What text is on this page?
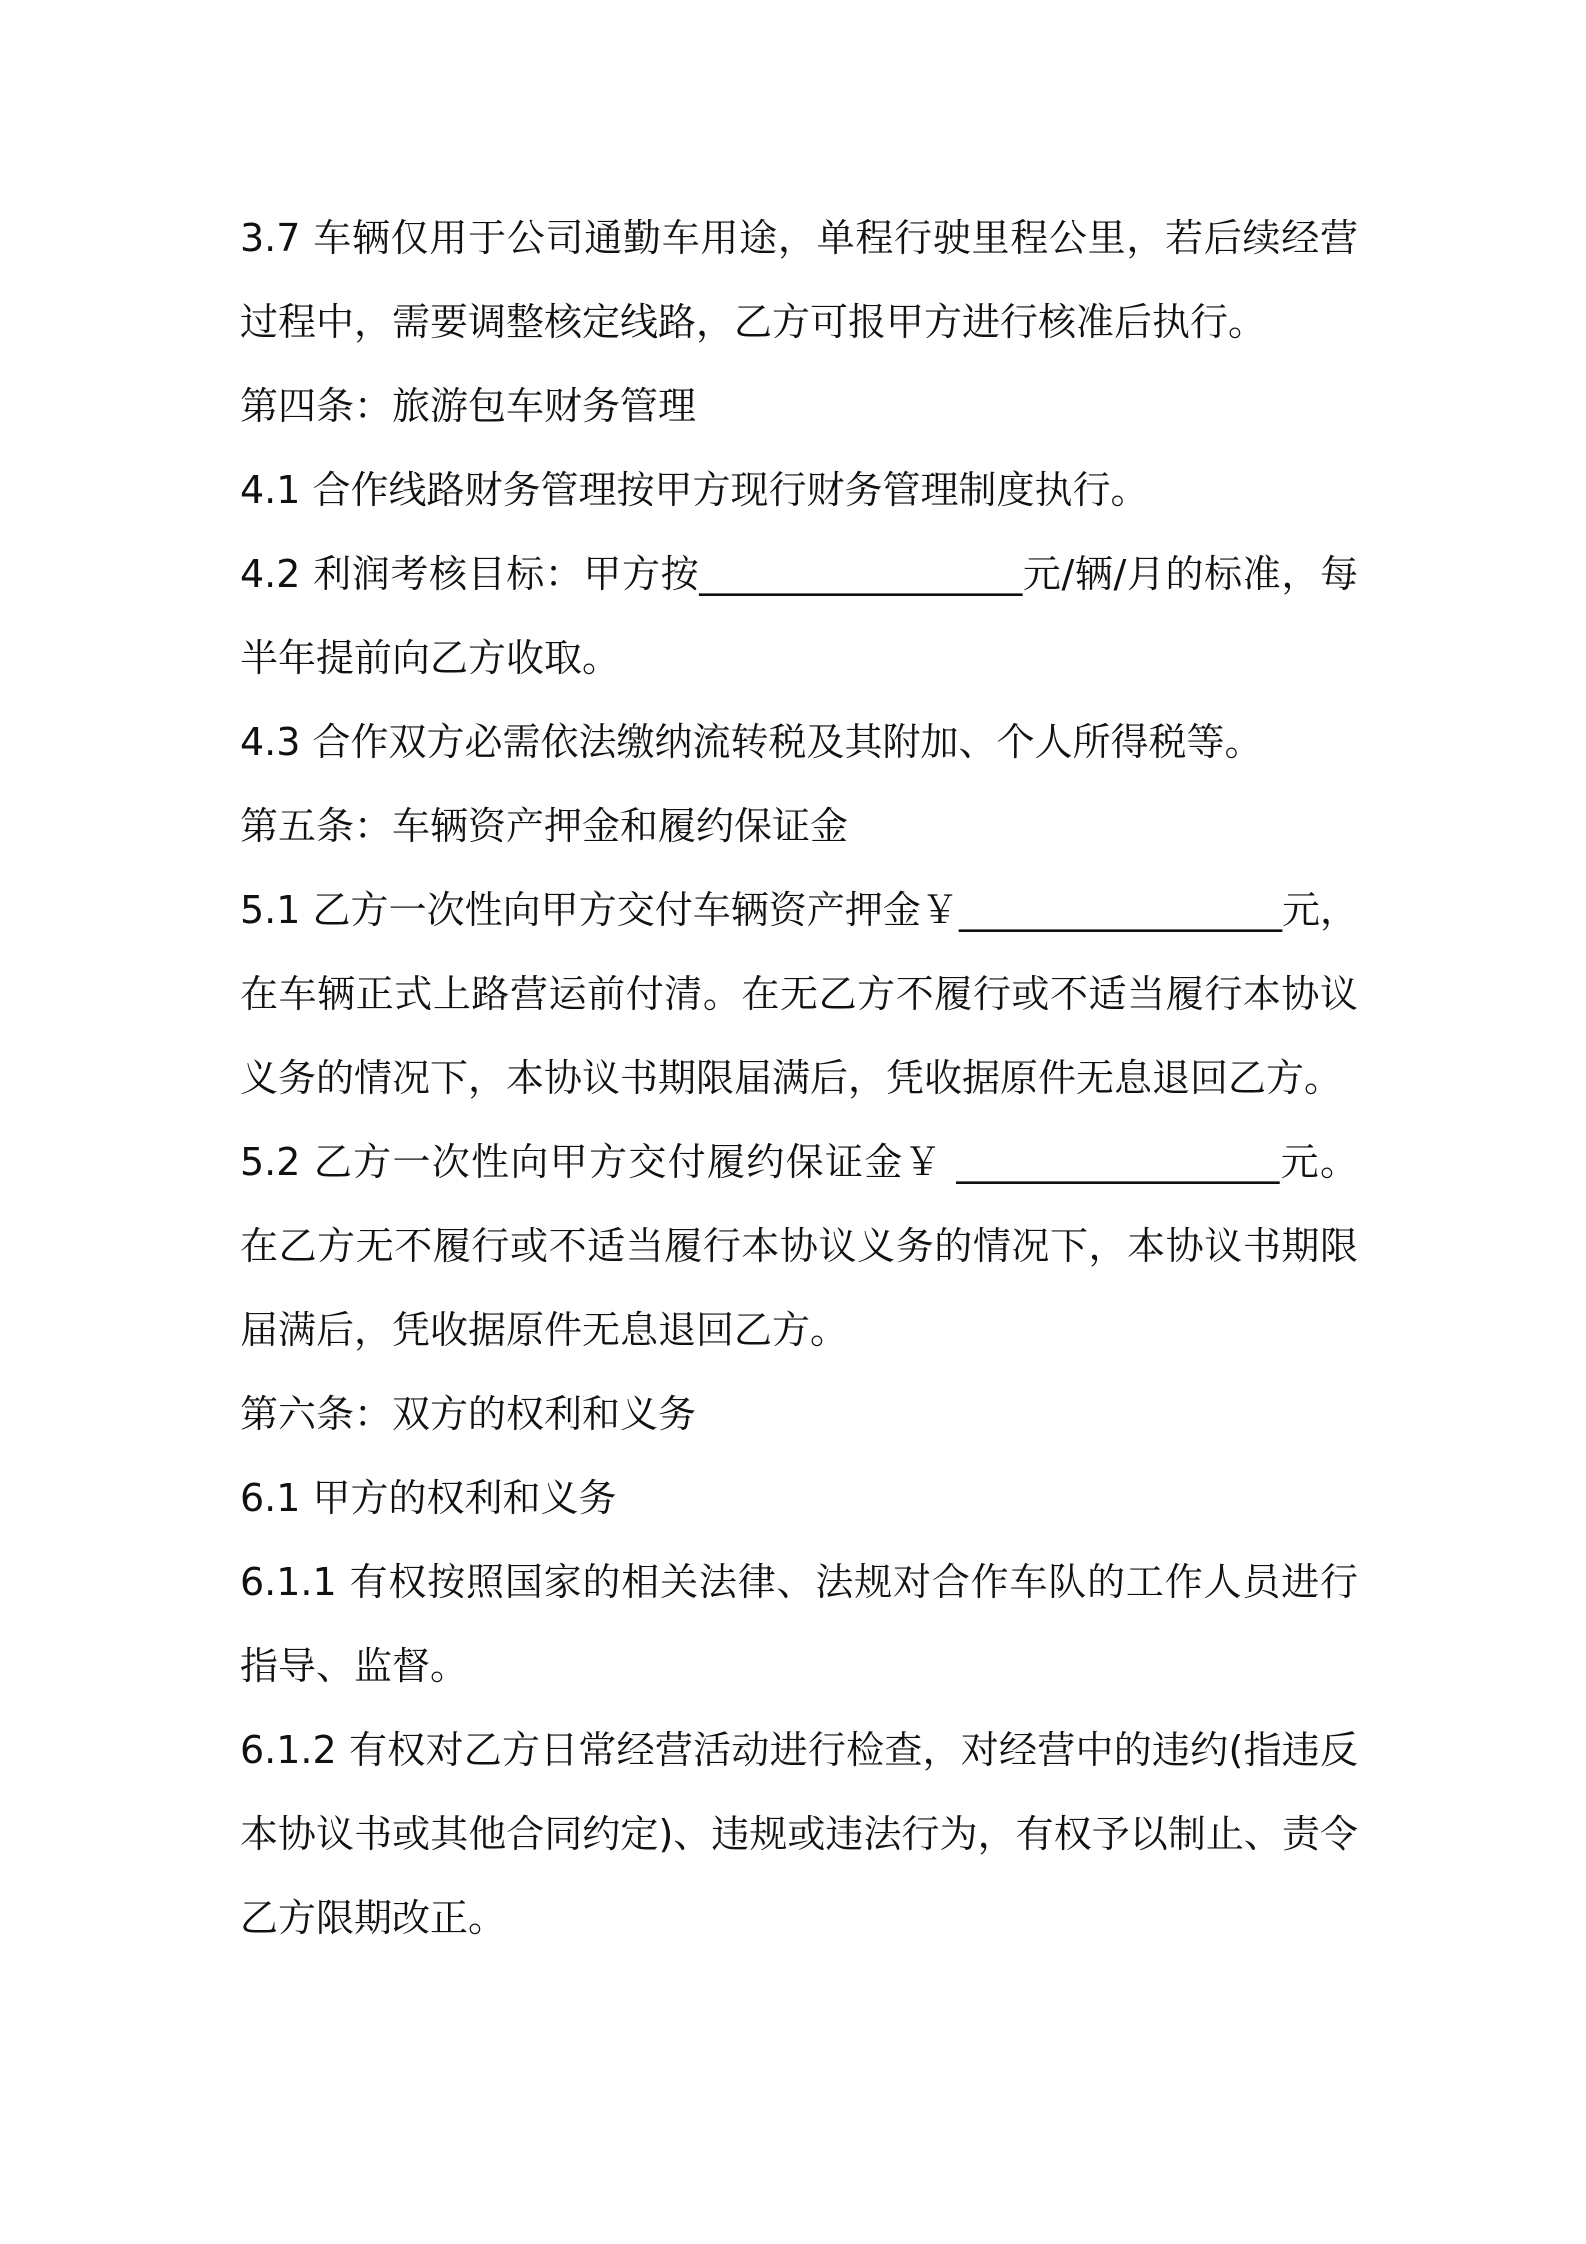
3.7 车辆仅用于公司通勤车用途，单程行驶里程公里，若后续经营过程中，需要调整核定线路，乙方可报甲方进行核准后执行。

第四条：旅游包车财务管理

4.1 合作线路财务管理按甲方现行财务管理制度执行。

4.2 利润考核目标：甲方按_________________元/辆/月的标准，每半年提前向乙方收取。

4.3 合作双方必需依法缴纳流转税及其附加、个人所得税等。

第五条：车辆资产押金和履约保证金

5.1 乙方一次性向甲方交付车辆资产押金￥_________________元，在车辆正式上路营运前付清。在无乙方不履行或不适当履行本协议义务的情况下，本协议书期限届满后，凭收据原件无息退回乙方。

5.2 乙方一次性向甲方交付履约保证金￥ _________________元。在乙方无不履行或不适当履行本协议义务的情况下，本协议书期限届满后，凭收据原件无息退回乙方。

第六条：双方的权利和义务

6.1 甲方的权利和义务

6.1.1 有权按照国家的相关法律、法规对合作车队的工作人员进行指导、监督。

6.1.2 有权对乙方日常经营活动进行检查，对经营中的违约(指违反本协议书或其他合同约定)、违规或违法行为，有权予以制止、责令乙方限期改正。
